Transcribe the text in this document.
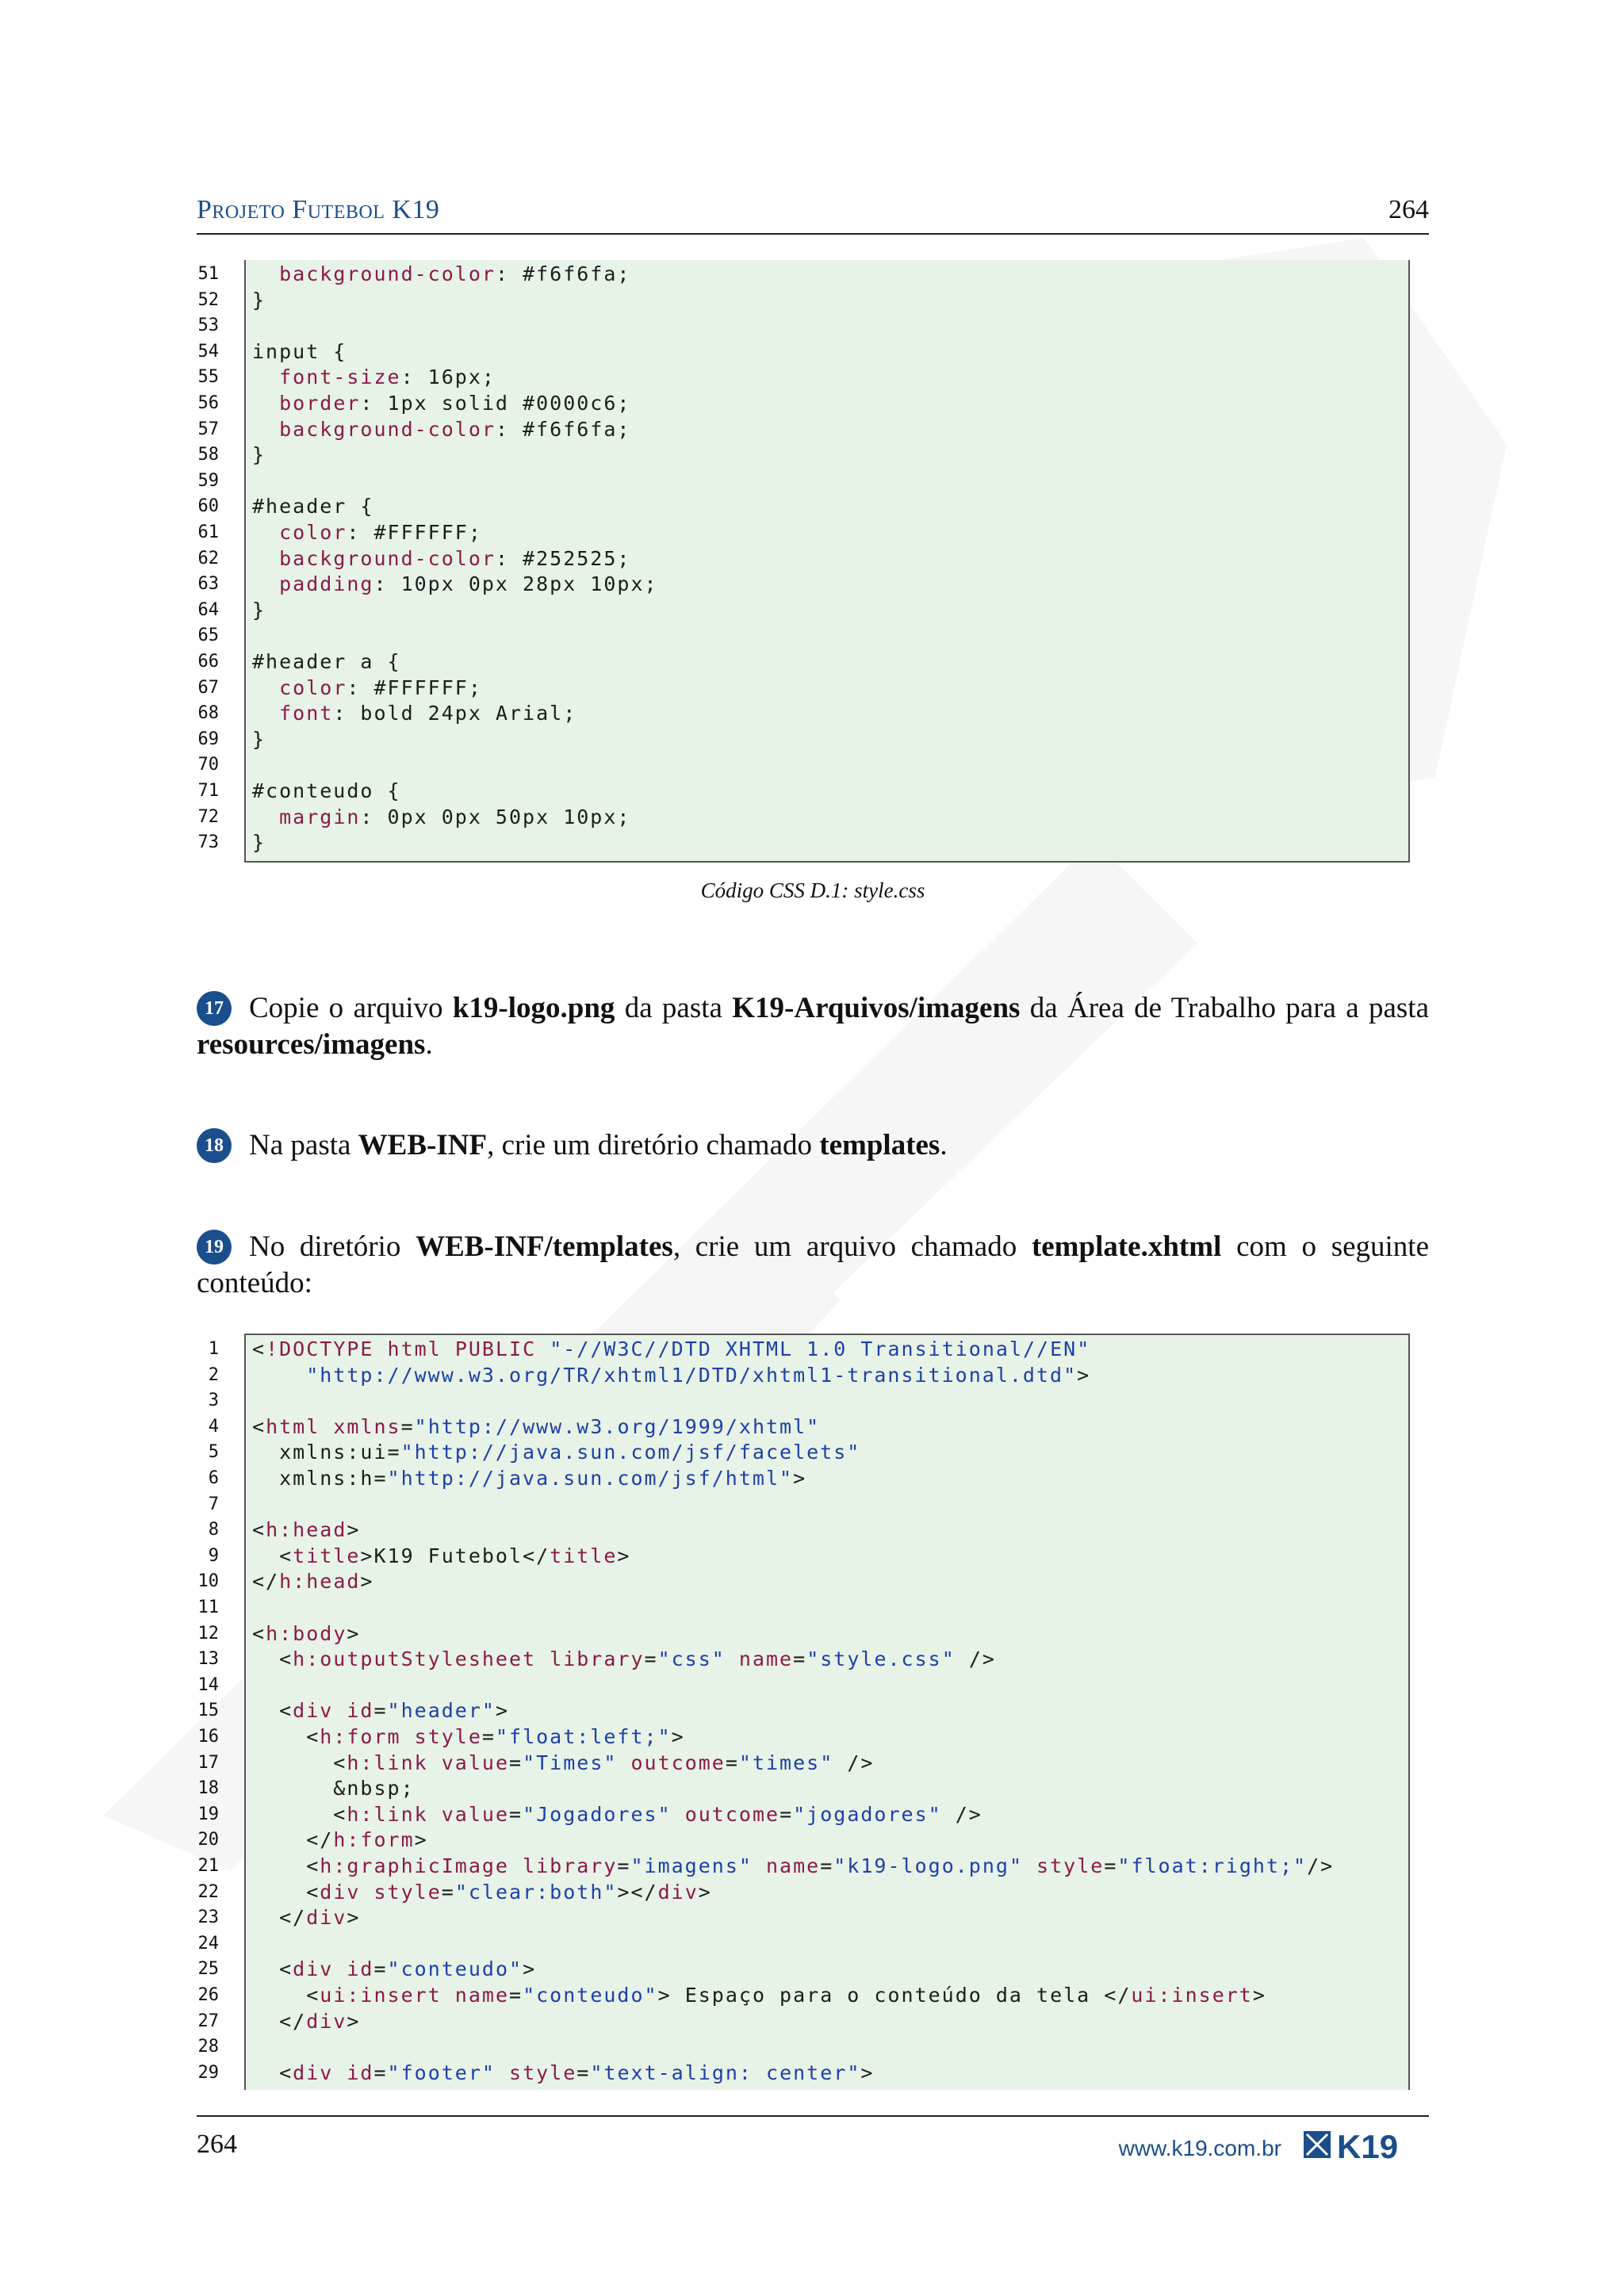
Projeto Futebol K19	264
51	background-color: #f6f6fa;
52 }
53
54 input {
55	font-size: 16px;
56	border: 1px solid #0000c6;
57	background-color: #f6f6fa;
58 }
59
60 #header {
61	color: #FFFFFF;
62	background-color: #252525;
63	padding: 10px 0px 28px 10px;
64 }
65
66 #header a {
67	color: #FFFFFF;
68	font: bold 24px Arial;
69 }
70
71 #conteudo {
72	margin: 0px 0px 50px 10px;
73 }
Código CSS D.1: style.css
17 Copie o arquivo k19-logo.png da pasta K19-Arquivos/imagens da Área de Trabalho para a pasta resources/imagens.
18 Na pasta WEB-INF, crie um diretório chamado templates.
19 No diretório WEB-INF/templates, crie um arquivo chamado template.xhtml com o seguinte conteúdo:
1 <!DOCTYPE html PUBLIC "-//W3C//DTD XHTML 1.0 Transitional//EN"
2	"http://www.w3.org/TR/xhtml1/DTD/xhtml1-transitional.dtd">
3
4 <html xmlns="http://www.w3.org/1999/xhtml"
5 xmlns:ui="http://java.sun.com/jsf/facelets"
6 xmlns:h="http://java.sun.com/jsf/html">
7
8 <h:head>
9 <title>K19 Futebol</title>
10 </h:head>
11
12 <h:body>
13 <h:outputStylesheet library="css" name="style.css" />
14
15 <div id="header">
16 <h:form style="float:left;">
17 <h:link value="Times" outcome="times" />
18 &nbsp;
19 <h:link value="Jogadores" outcome="jogadores" />
20 </h:form>
21 <h:graphicImage library="imagens" name="k19-logo.png" style="float:right;"/>
22 <div style="clear:both"></div>
23 </div>
24
25 <div id="conteudo">
26 <ui:insert name="conteudo"> Espaço para o conteúdo da tela </ui:insert>
27 </div>
28
29 <div id="footer" style="text-align: center">
264	www.k19.com.br K19
